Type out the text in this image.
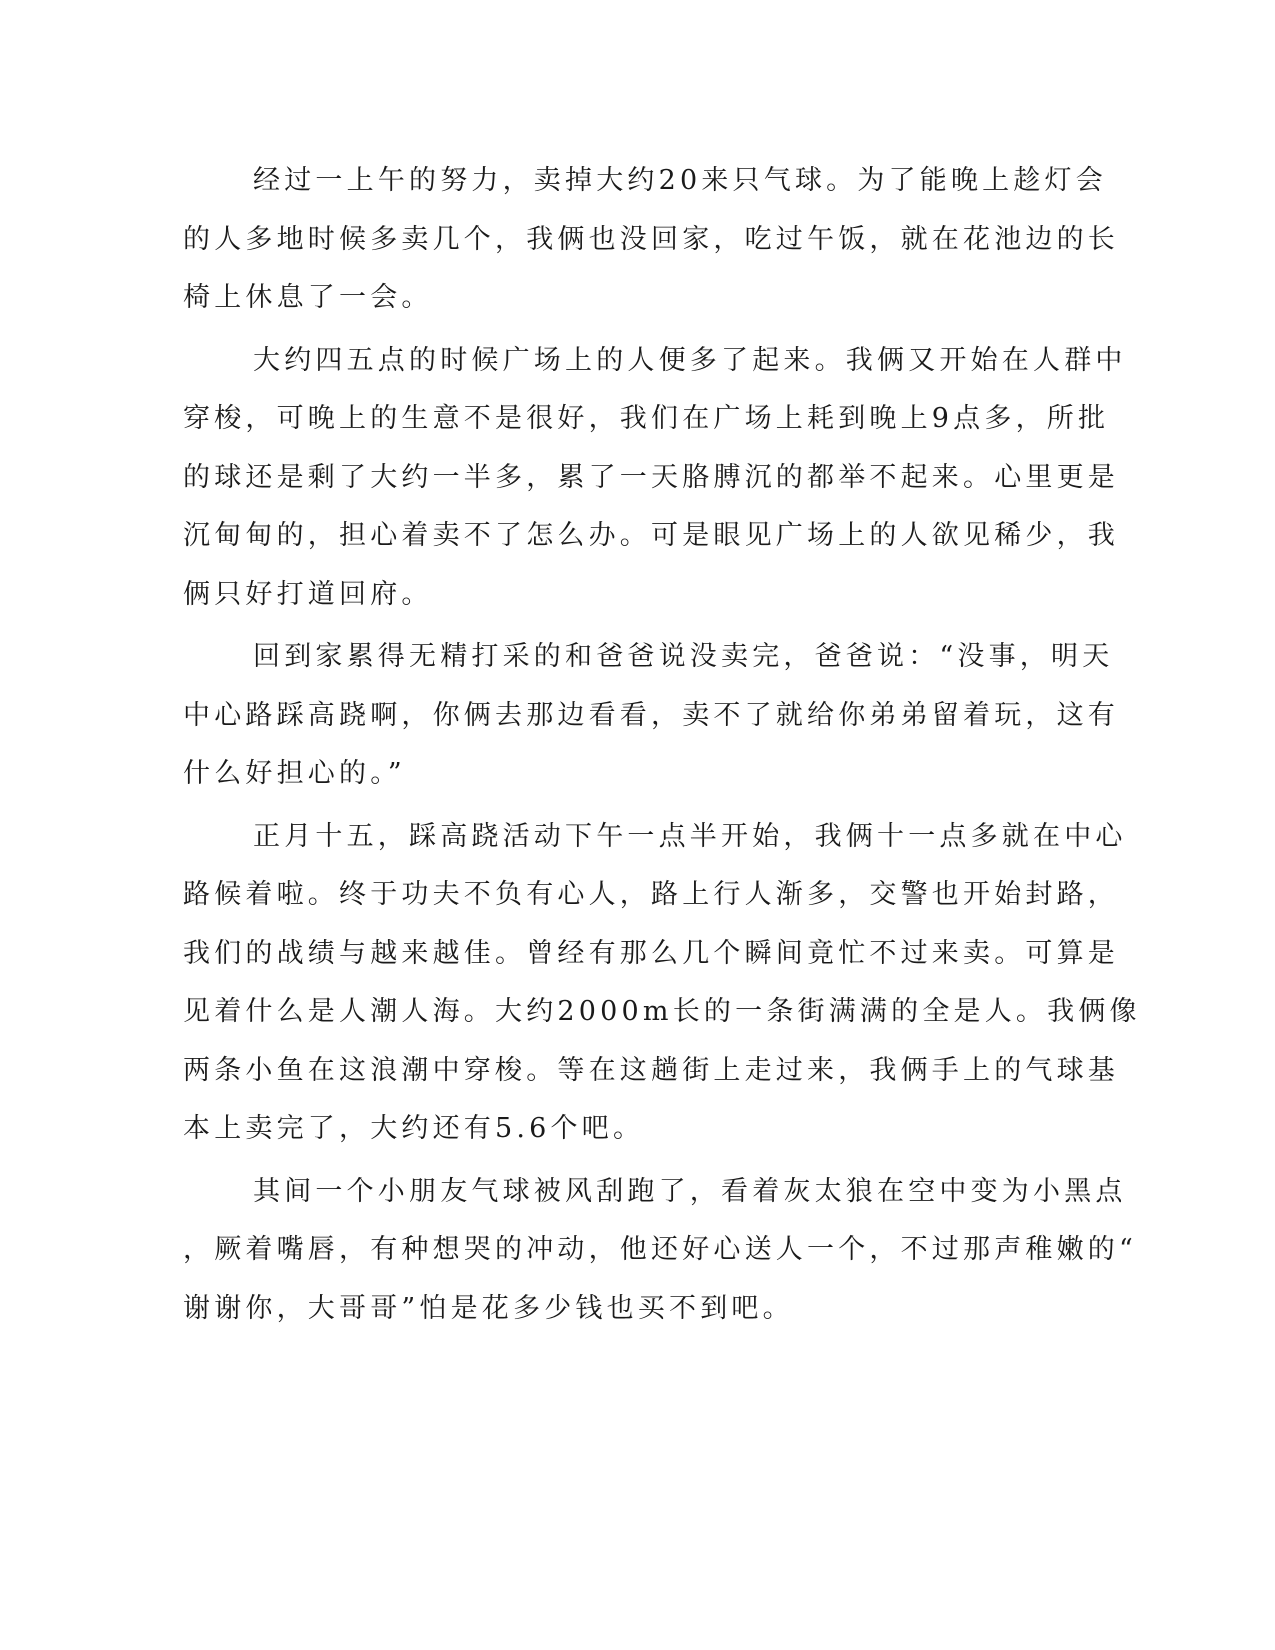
经过一上午的努力，卖掉大约20来只气球。为了能晚上趁灯会
的人多地时候多卖几个，我俩也没回家，吃过午饭，就在花池边的长
椅上休息了一会。
大约四五点的时候广场上的人便多了起来。我俩又开始在人群中
穿梭，可晚上的生意不是很好，我们在广场上耗到晚上9点多，所批
的球还是剩了大约一半多，累了一天胳膊沉的都举不起来。心里更是
沉甸甸的，担心着卖不了怎么办。可是眼见广场上的人欲见稀少，我
俩只好打道回府。
回到家累得无精打采的和爸爸说没卖完，爸爸说：“没事，明天
中心路踩高跷啊，你俩去那边看看，卖不了就给你弟弟留着玩，这有
什么好担心的。”
正月十五，踩高跷活动下午一点半开始，我俩十一点多就在中心
路候着啦。终于功夫不负有心人，路上行人渐多，交警也开始封路，
我们的战绩与越来越佳。曾经有那么几个瞬间竟忙不过来卖。可算是
见着什么是人潮人海。大约2000m长的一条街满满的全是人。我俩像
两条小鱼在这浪潮中穿梭。等在这趟街上走过来，我俩手上的气球基
本上卖完了，大约还有5.6个吧。
其间一个小朋友气球被风刮跑了，看着灰太狼在空中变为小黑点
，厥着嘴唇，有种想哭的冲动，他还好心送人一个，不过那声稚嫩的“
谢谢你，大哥哥”怕是花多少钱也买不到吧。
